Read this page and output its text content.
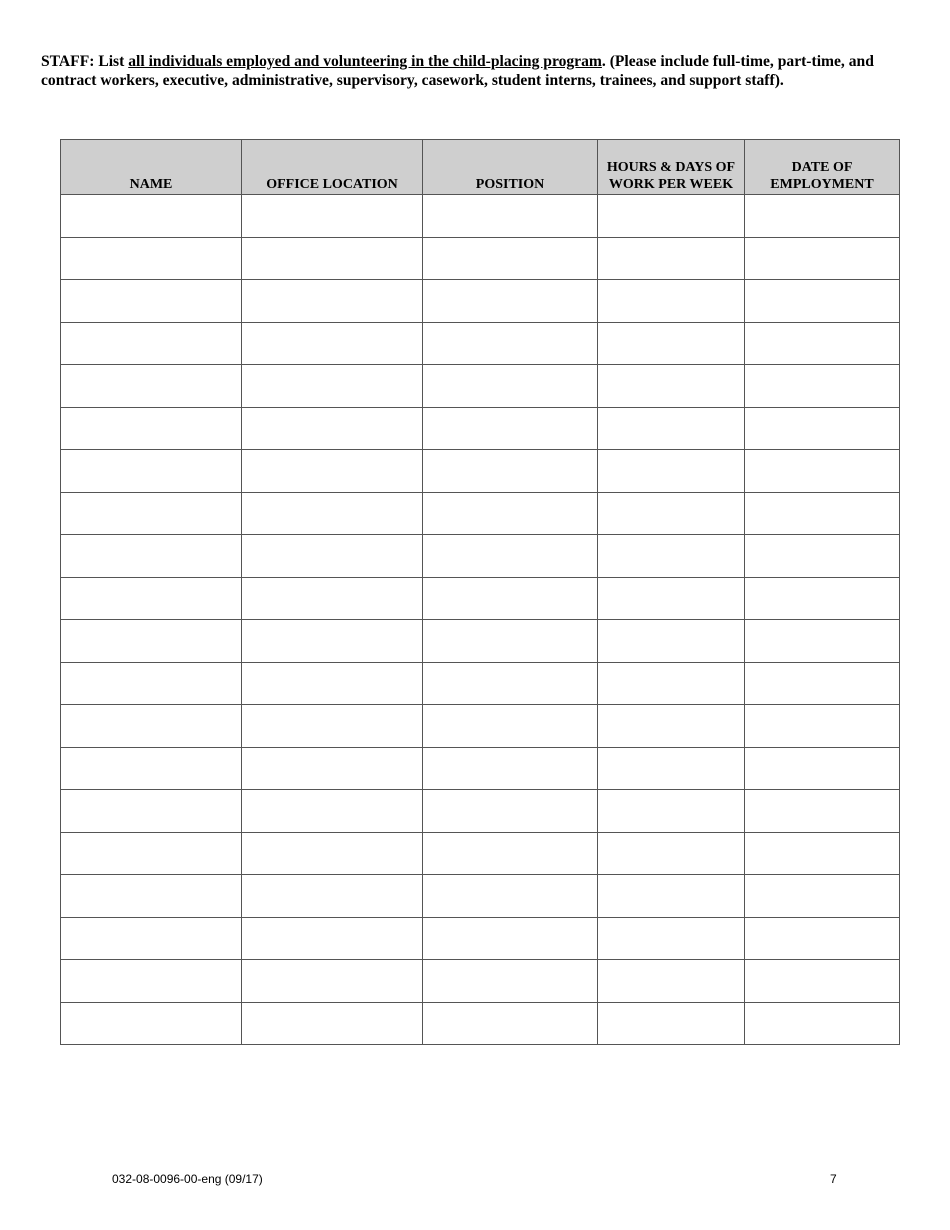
STAFF: List all individuals employed and volunteering in the child-placing program. (Please include full-time, part-time, and contract workers, executive, administrative, supervisory, casework, student interns, trainees, and support staff).

NAME	OFFICE LOCATION	POSITION	HOURS & DAYS OF WORK PER WEEK	DATE OF EMPLOYMENT

032-08-0096-00-eng (09/17)	7
